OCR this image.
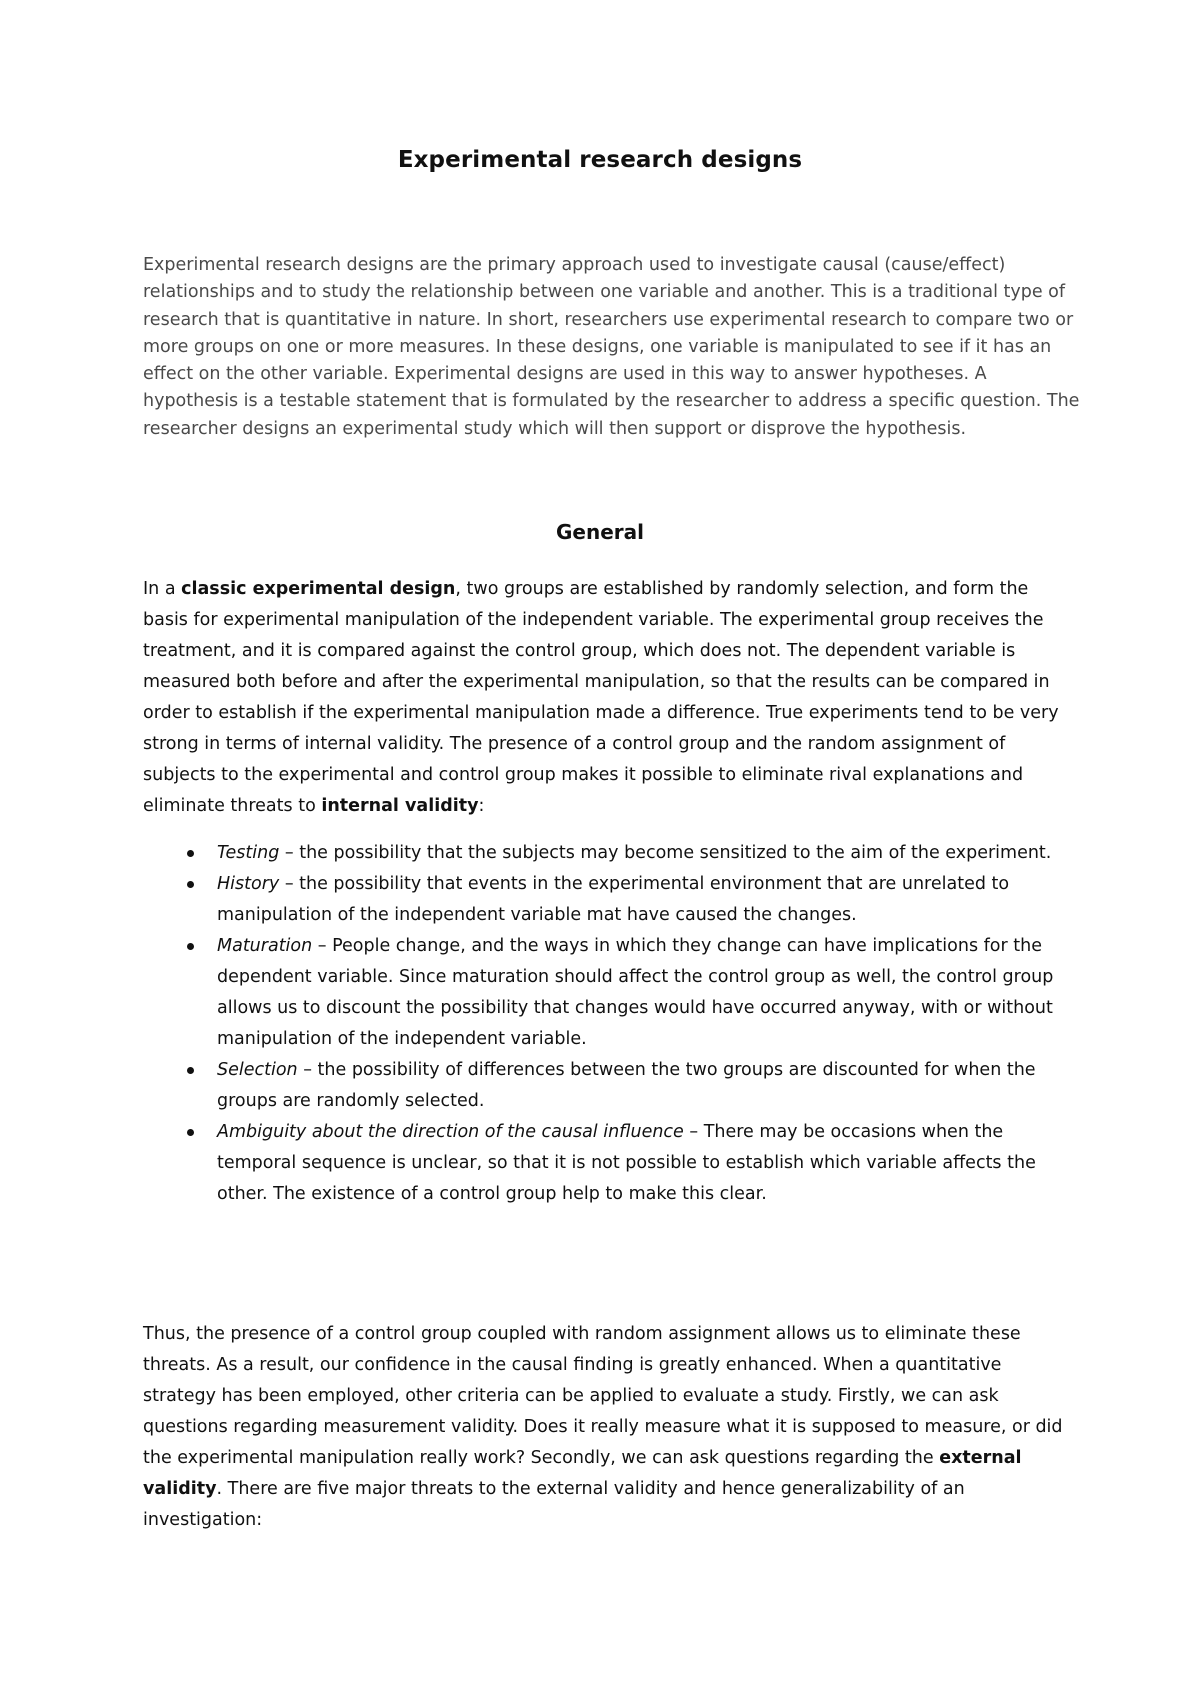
Experimental research designs

Experimental research designs are the primary approach used to investigate causal (cause/effect) relationships and to study the relationship between one variable and another. This is a traditional type of research that is quantitative in nature. In short, researchers use experimental research to compare two or more groups on one or more measures. In these designs, one variable is manipulated to see if it has an effect on the other variable. Experimental designs are used in this way to answer hypotheses. A hypothesis is a testable statement that is formulated by the researcher to address a specific question. The researcher designs an experimental study which will then support or disprove the hypothesis.

General

In a classic experimental design, two groups are established by randomly selection, and form the basis for experimental manipulation of the independent variable. The experimental group receives the treatment, and it is compared against the control group, which does not. The dependent variable is measured both before and after the experimental manipulation, so that the results can be compared in order to establish if the experimental manipulation made a difference. True experiments tend to be very strong in terms of internal validity. The presence of a control group and the random assignment of subjects to the experimental and control group makes it possible to eliminate rival explanations and eliminate threats to internal validity:

Testing – the possibility that the subjects may become sensitized to the aim of the experiment.
History – the possibility that events in the experimental environment that are unrelated to manipulation of the independent variable mat have caused the changes.
Maturation – People change, and the ways in which they change can have implications for the dependent variable. Since maturation should affect the control group as well, the control group allows us to discount the possibility that changes would have occurred anyway, with or without manipulation of the independent variable.
Selection – the possibility of differences between the two groups are discounted for when the groups are randomly selected.
Ambiguity about the direction of the causal influence – There may be occasions when the temporal sequence is unclear, so that it is not possible to establish which variable affects the other. The existence of a control group help to make this clear.

Thus, the presence of a control group coupled with random assignment allows us to eliminate these threats. As a result, our confidence in the causal finding is greatly enhanced. When a quantitative strategy has been employed, other criteria can be applied to evaluate a study. Firstly, we can ask questions regarding measurement validity. Does it really measure what it is supposed to measure, or did the experimental manipulation really work? Secondly, we can ask questions regarding the external validity. There are five major threats to the external validity and hence generalizability of an investigation:
